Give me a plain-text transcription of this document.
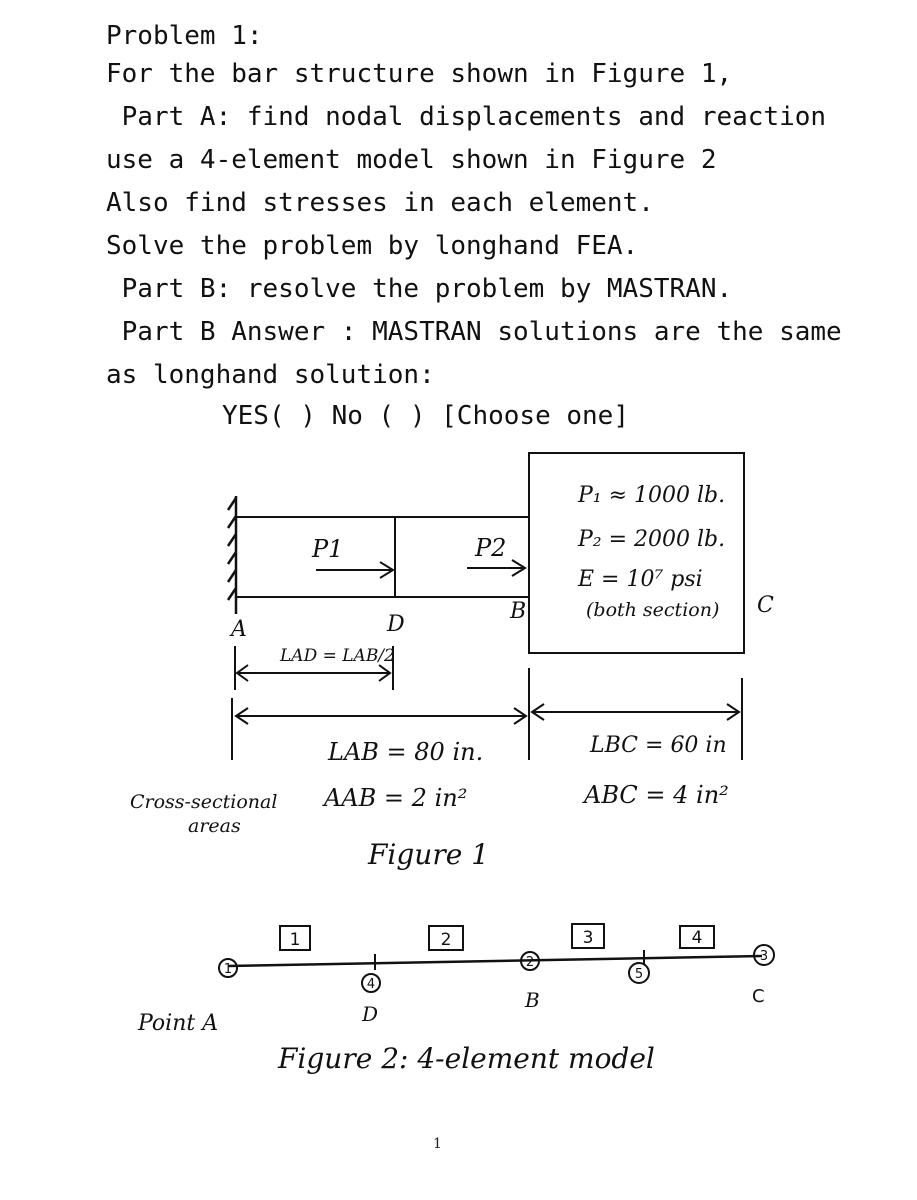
Problem 1:

For the bar structure shown in Figure 1,

Part A: find nodal displacements and reaction

use a 4-element model shown in Figure 2

Also find stresses in each element.

Solve the problem by longhand FEA.

Part B: resolve the problem by MASTRAN.

Part B Answer : MASTRAN solutions are the same

as longhand solution:

YES( ) No ( ) [Choose one]

P1	P2
P₁ ≈ 1000 lb.
P₂ = 2000 lb.
E = 10⁷ psi
(both section)
A	D
B	C
LAD = LAB/2
LAB = 80 in.	LBC = 60 in
AAB = 2 in²	ABC = 4 in²
Cross-sectional
areas
Figure 1
1
4
2
5
3
1	2	3	4
Point A	D
B	C
Figure 2: 4-element model
1
